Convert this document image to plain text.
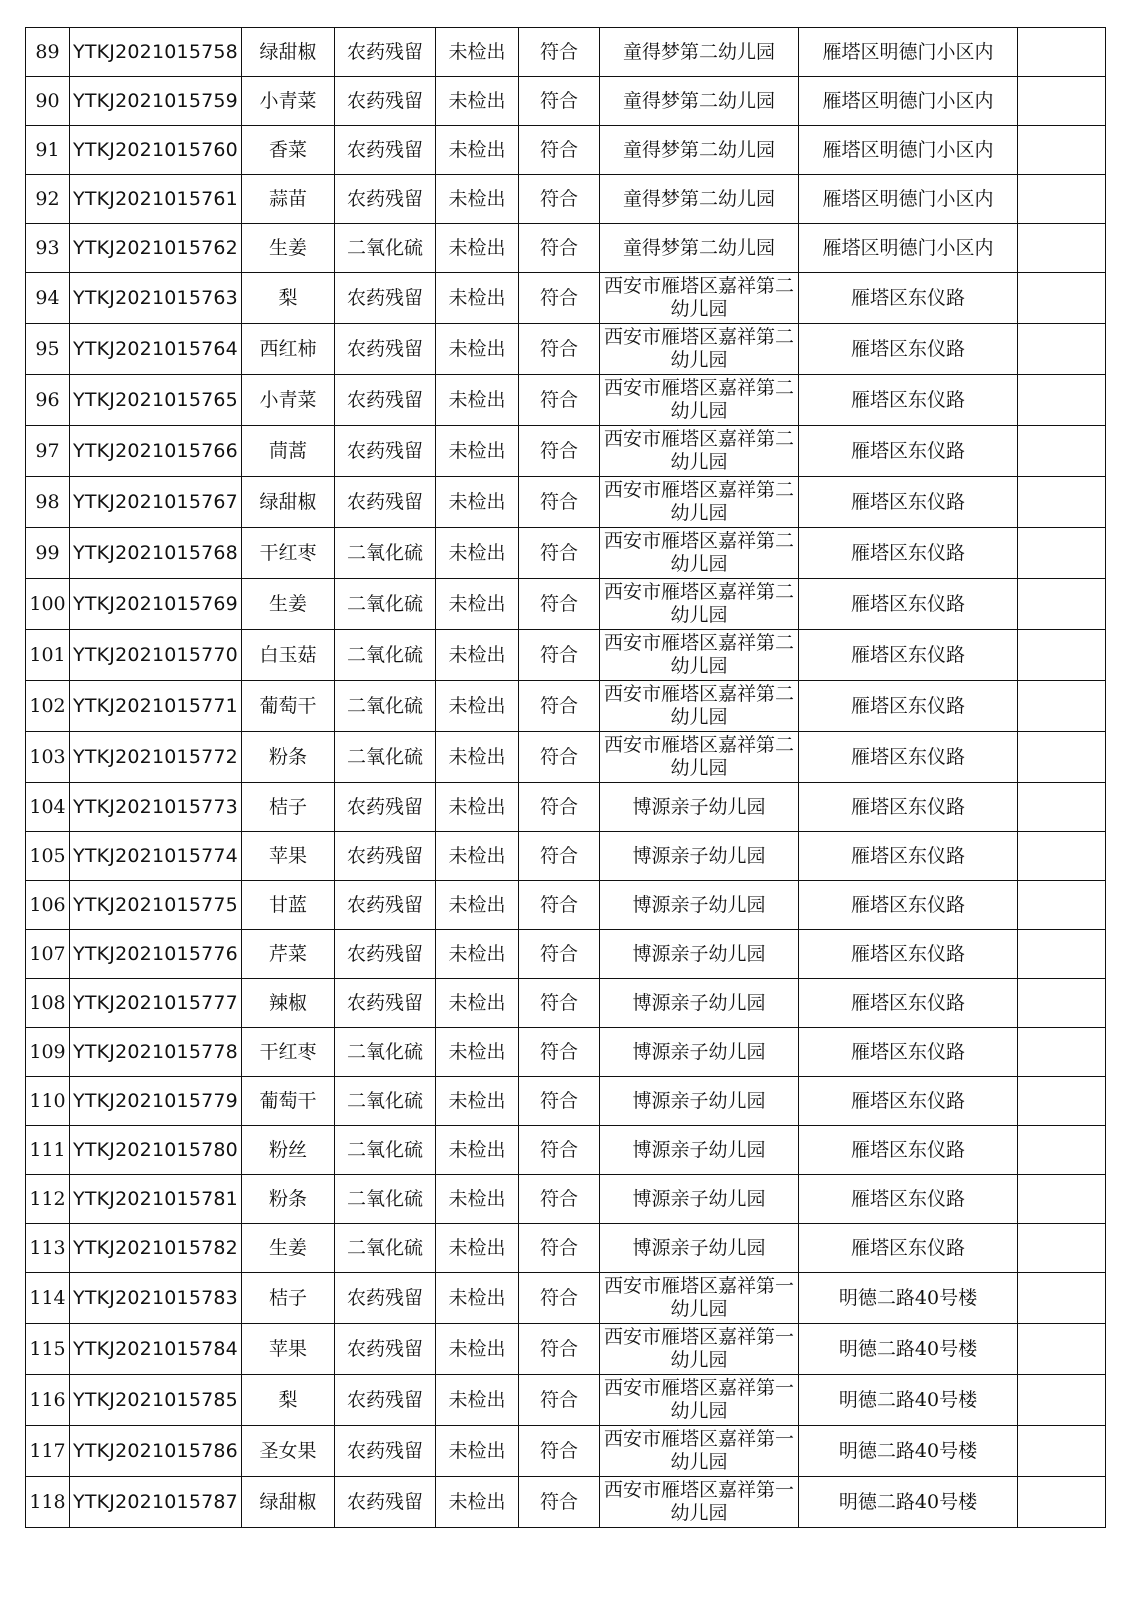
89	YTKJ2021015758	绿甜椒	农药残留	未检出	符合	童得梦第二幼儿园	雁塔区明德门小区内	
90	YTKJ2021015759	小青菜	农药残留	未检出	符合	童得梦第二幼儿园	雁塔区明德门小区内	
91	YTKJ2021015760	香菜	农药残留	未检出	符合	童得梦第二幼儿园	雁塔区明德门小区内	
92	YTKJ2021015761	蒜苗	农药残留	未检出	符合	童得梦第二幼儿园	雁塔区明德门小区内	
93	YTKJ2021015762	生姜	二氧化硫	未检出	符合	童得梦第二幼儿园	雁塔区明德门小区内	
94	YTKJ2021015763	梨	农药残留	未检出	符合	西安市雁塔区嘉祥第二幼儿园	雁塔区东仪路	
95	YTKJ2021015764	西红柿	农药残留	未检出	符合	西安市雁塔区嘉祥第二幼儿园	雁塔区东仪路	
96	YTKJ2021015765	小青菜	农药残留	未检出	符合	西安市雁塔区嘉祥第二幼儿园	雁塔区东仪路	
97	YTKJ2021015766	茼蒿	农药残留	未检出	符合	西安市雁塔区嘉祥第二幼儿园	雁塔区东仪路	
98	YTKJ2021015767	绿甜椒	农药残留	未检出	符合	西安市雁塔区嘉祥第二幼儿园	雁塔区东仪路	
99	YTKJ2021015768	干红枣	二氧化硫	未检出	符合	西安市雁塔区嘉祥第二幼儿园	雁塔区东仪路	
100	YTKJ2021015769	生姜	二氧化硫	未检出	符合	西安市雁塔区嘉祥第二幼儿园	雁塔区东仪路	
101	YTKJ2021015770	白玉菇	二氧化硫	未检出	符合	西安市雁塔区嘉祥第二幼儿园	雁塔区东仪路	
102	YTKJ2021015771	葡萄干	二氧化硫	未检出	符合	西安市雁塔区嘉祥第二幼儿园	雁塔区东仪路	
103	YTKJ2021015772	粉条	二氧化硫	未检出	符合	西安市雁塔区嘉祥第二幼儿园	雁塔区东仪路	
104	YTKJ2021015773	桔子	农药残留	未检出	符合	博源亲子幼儿园	雁塔区东仪路	
105	YTKJ2021015774	苹果	农药残留	未检出	符合	博源亲子幼儿园	雁塔区东仪路	
106	YTKJ2021015775	甘蓝	农药残留	未检出	符合	博源亲子幼儿园	雁塔区东仪路	
107	YTKJ2021015776	芹菜	农药残留	未检出	符合	博源亲子幼儿园	雁塔区东仪路	
108	YTKJ2021015777	辣椒	农药残留	未检出	符合	博源亲子幼儿园	雁塔区东仪路	
109	YTKJ2021015778	干红枣	二氧化硫	未检出	符合	博源亲子幼儿园	雁塔区东仪路	
110	YTKJ2021015779	葡萄干	二氧化硫	未检出	符合	博源亲子幼儿园	雁塔区东仪路	
111	YTKJ2021015780	粉丝	二氧化硫	未检出	符合	博源亲子幼儿园	雁塔区东仪路	
112	YTKJ2021015781	粉条	二氧化硫	未检出	符合	博源亲子幼儿园	雁塔区东仪路	
113	YTKJ2021015782	生姜	二氧化硫	未检出	符合	博源亲子幼儿园	雁塔区东仪路	
114	YTKJ2021015783	桔子	农药残留	未检出	符合	西安市雁塔区嘉祥第一幼儿园	明德二路40号楼	
115	YTKJ2021015784	苹果	农药残留	未检出	符合	西安市雁塔区嘉祥第一幼儿园	明德二路40号楼	
116	YTKJ2021015785	梨	农药残留	未检出	符合	西安市雁塔区嘉祥第一幼儿园	明德二路40号楼	
117	YTKJ2021015786	圣女果	农药残留	未检出	符合	西安市雁塔区嘉祥第一幼儿园	明德二路40号楼	
118	YTKJ2021015787	绿甜椒	农药残留	未检出	符合	西安市雁塔区嘉祥第一幼儿园	明德二路40号楼	
